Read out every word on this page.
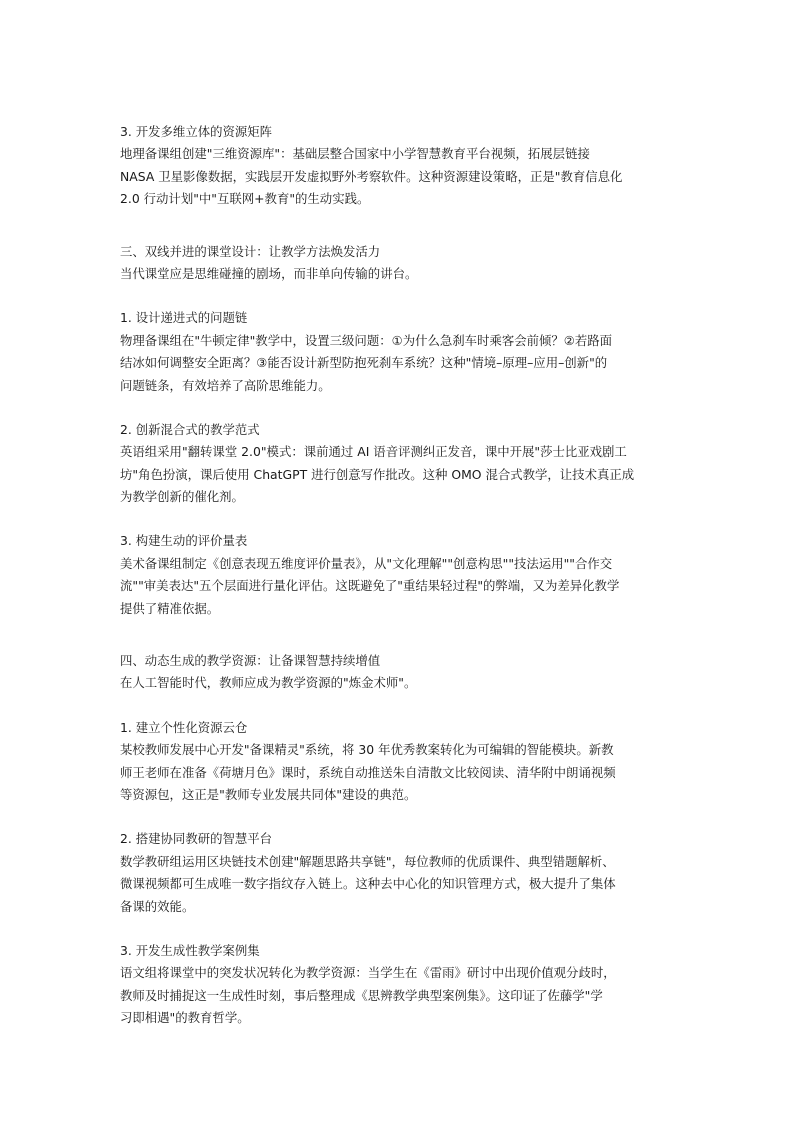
3. 开发多维立体的资源矩阵
地理备课组创建"三维资源库"：基础层整合国家中小学智慧教育平台视频，拓展层链接
NASA 卫星影像数据，实践层开发虚拟野外考察软件。这种资源建设策略，正是"教育信息化
2.0 行动计划"中"互联网+教育"的生动实践。
三、双线并进的课堂设计：让教学方法焕发活力
当代课堂应是思维碰撞的剧场，而非单向传输的讲台。
1. 设计递进式的问题链
物理备课组在"牛顿定律"教学中，设置三级问题：①为什么急刹车时乘客会前倾？②若路面
结冰如何调整安全距离？③能否设计新型防抱死刹车系统？这种"情境–原理–应用–创新"的
问题链条，有效培养了高阶思维能力。
2. 创新混合式的教学范式
英语组采用"翻转课堂 2.0"模式：课前通过 AI 语音评测纠正发音，课中开展"莎士比亚戏剧工
坊"角色扮演，课后使用 ChatGPT 进行创意写作批改。这种 OMO 混合式教学，让技术真正成
为教学创新的催化剂。
3. 构建生动的评价量表
美术备课组制定《创意表现五维度评价量表》，从"文化理解""创意构思""技法运用""合作交
流""审美表达"五个层面进行量化评估。这既避免了"重结果轻过程"的弊端，又为差异化教学
提供了精准依据。
四、动态生成的教学资源：让备课智慧持续增值
在人工智能时代，教师应成为教学资源的"炼金术师"。
1. 建立个性化资源云仓
某校教师发展中心开发"备课精灵"系统，将 30 年优秀教案转化为可编辑的智能模块。新教
师王老师在准备《荷塘月色》课时，系统自动推送朱自清散文比较阅读、清华附中朗诵视频
等资源包，这正是"教师专业发展共同体"建设的典范。
2. 搭建协同教研的智慧平台
数学教研组运用区块链技术创建"解题思路共享链"，每位教师的优质课件、典型错题解析、
微课视频都可生成唯一数字指纹存入链上。这种去中心化的知识管理方式，极大提升了集体
备课的效能。
3. 开发生成性教学案例集
语文组将课堂中的突发状况转化为教学资源：当学生在《雷雨》研讨中出现价值观分歧时，
教师及时捕捉这一生成性时刻，事后整理成《思辨教学典型案例集》。这印证了佐藤学"学
习即相遇"的教育哲学。
